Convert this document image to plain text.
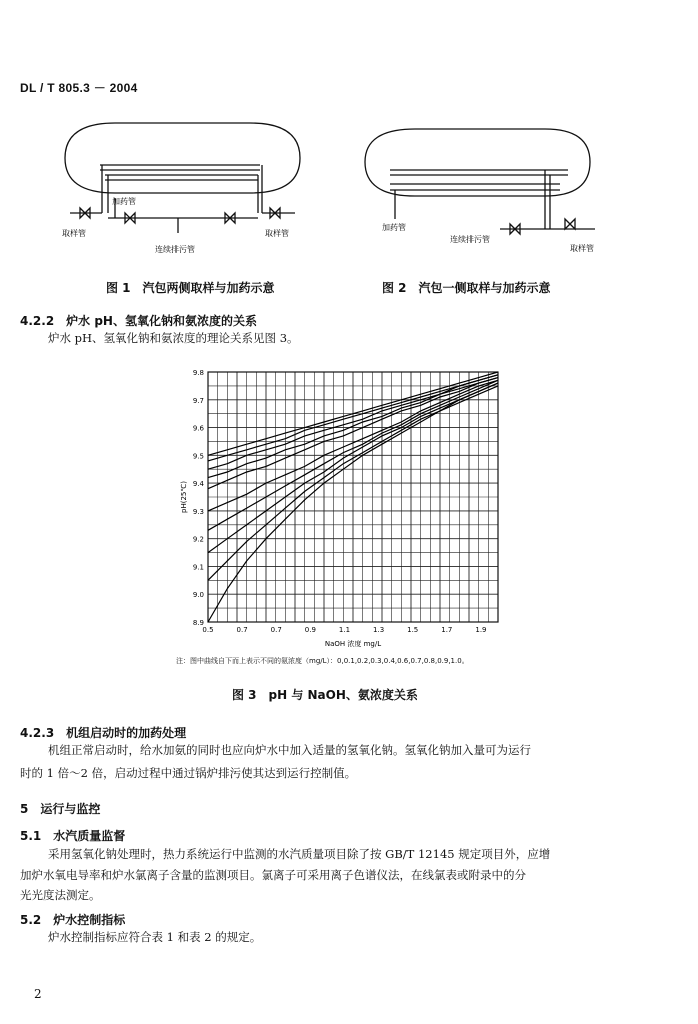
DL / T 805.3 － 2004
加药管
取样管	取样管
连续排污管
加药管
连续排污管
取样管
图 1　汽包两侧取样与加药示意	图 2　汽包一侧取样与加药示意
4.2.2　炉水 pH、氢氧化钠和氨浓度的关系
炉水 pH、氢氧化钠和氨浓度的理论关系见图 3。
8.9
9.0
9.1
9.2
9.3
9.4
9.5
9.6
9.7
9.8
0.5	0.7	0.7	0.9	1.1	1.3	1.5	1.7	1.9
NaOH 浓度 mg/L
pH(25℃)
注：图中曲线自下而上表示不同的氨浓度（mg/L）：0,0.1,0.2,0.3,0.4,0.6,0.7,0.8,0.9,1.0。
图 3　pH 与 NaOH、氨浓度关系
4.2.3　机组启动时的加药处理
机组正常启动时，给水加氨的同时也应向炉水中加入适量的氢氧化钠。氢氧化钠加入量可为运行
时的 1 倍～2 倍，启动过程中通过锅炉排污使其达到运行控制值。
5　运行与监控
5.1　水汽质量监督
采用氢氧化钠处理时，热力系统运行中监测的水汽质量项目除了按 GB/T 12145 规定项目外，应增
加炉水氧电导率和炉水氯离子含量的监测项目。氯离子可采用离子色谱仪法，在线氯表或附录中的分
光光度法测定。
5.2　炉水控制指标
炉水控制指标应符合表 1 和表 2 的规定。
2
